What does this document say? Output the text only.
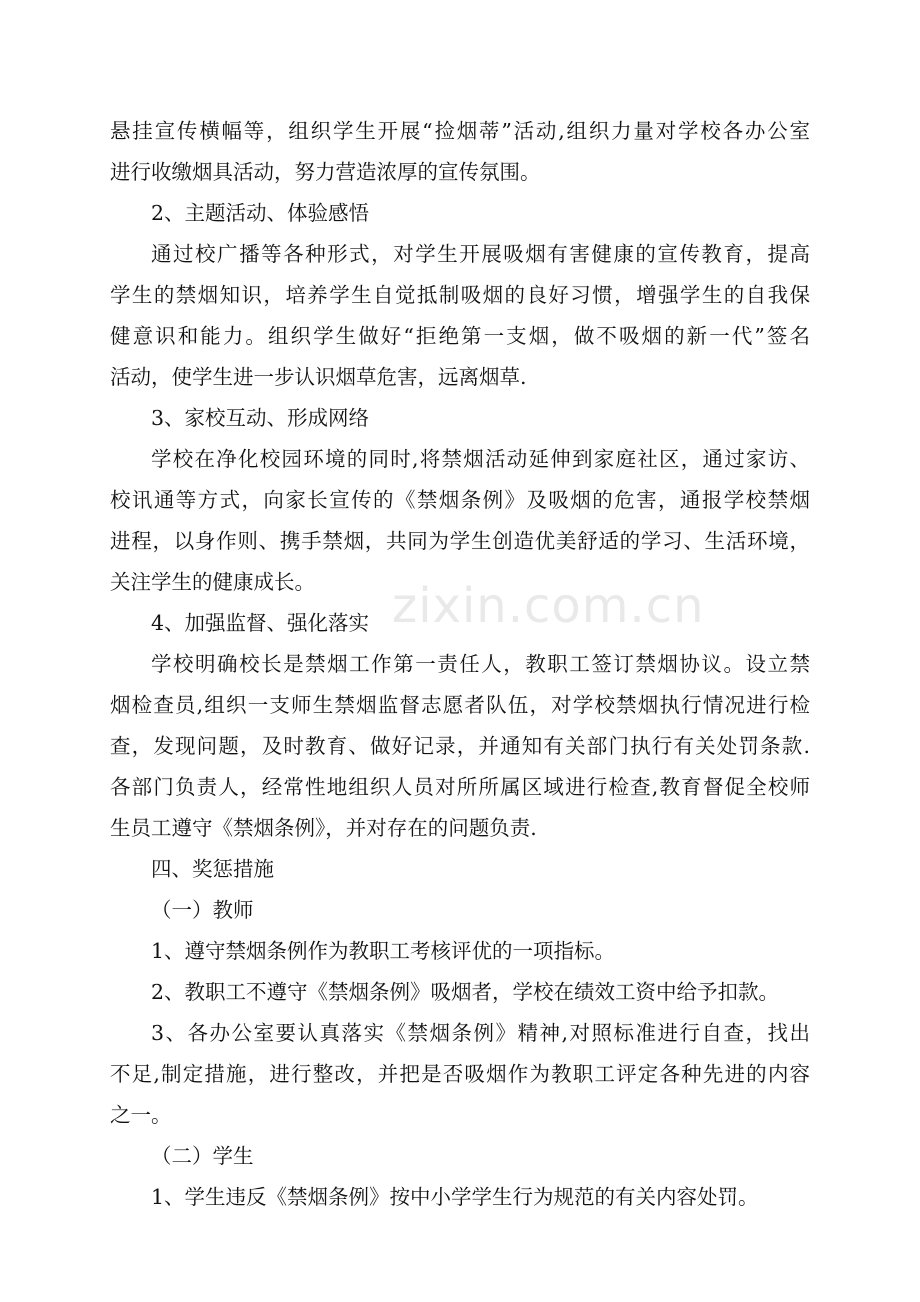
zixin.com.cn
悬挂宣传横幅等，组织学生开展“捡烟蒂”活动,组织力量对学校各办公室
进行收缴烟具活动，努力营造浓厚的宣传氛围。
2、主题活动、体验感悟
通过校广播等各种形式，对学生开展吸烟有害健康的宣传教育，提高
学生的禁烟知识，培养学生自觉抵制吸烟的良好习惯，增强学生的自我保
健意识和能力。组织学生做好“拒绝第一支烟，做不吸烟的新一代”签名
活动，使学生进一步认识烟草危害，远离烟草.
3、家校互动、形成网络
学校在净化校园环境的同时,将禁烟活动延伸到家庭社区，通过家访、
校讯通等方式，向家长宣传的《禁烟条例》及吸烟的危害，通报学校禁烟
进程，以身作则、携手禁烟，共同为学生创造优美舒适的学习、生活环境，
关注学生的健康成长。
4、加强监督、强化落实
学校明确校长是禁烟工作第一责任人，教职工签订禁烟协议。设立禁
烟检查员,组织一支师生禁烟监督志愿者队伍，对学校禁烟执行情况进行检
查，发现问题，及时教育、做好记录，并通知有关部门执行有关处罚条款.
各部门负责人，经常性地组织人员对所所属区域进行检查,教育督促全校师
生员工遵守《禁烟条例》，并对存在的问题负责.
四、奖惩措施
（一）教师
1、遵守禁烟条例作为教职工考核评优的一项指标。
2、教职工不遵守《禁烟条例》吸烟者，学校在绩效工资中给予扣款。
3、各办公室要认真落实《禁烟条例》精神,对照标准进行自查，找出
不足,制定措施，进行整改，并把是否吸烟作为教职工评定各种先进的内容
之一。
（二）学生
1、学生违反《禁烟条例》按中小学学生行为规范的有关内容处罚。
